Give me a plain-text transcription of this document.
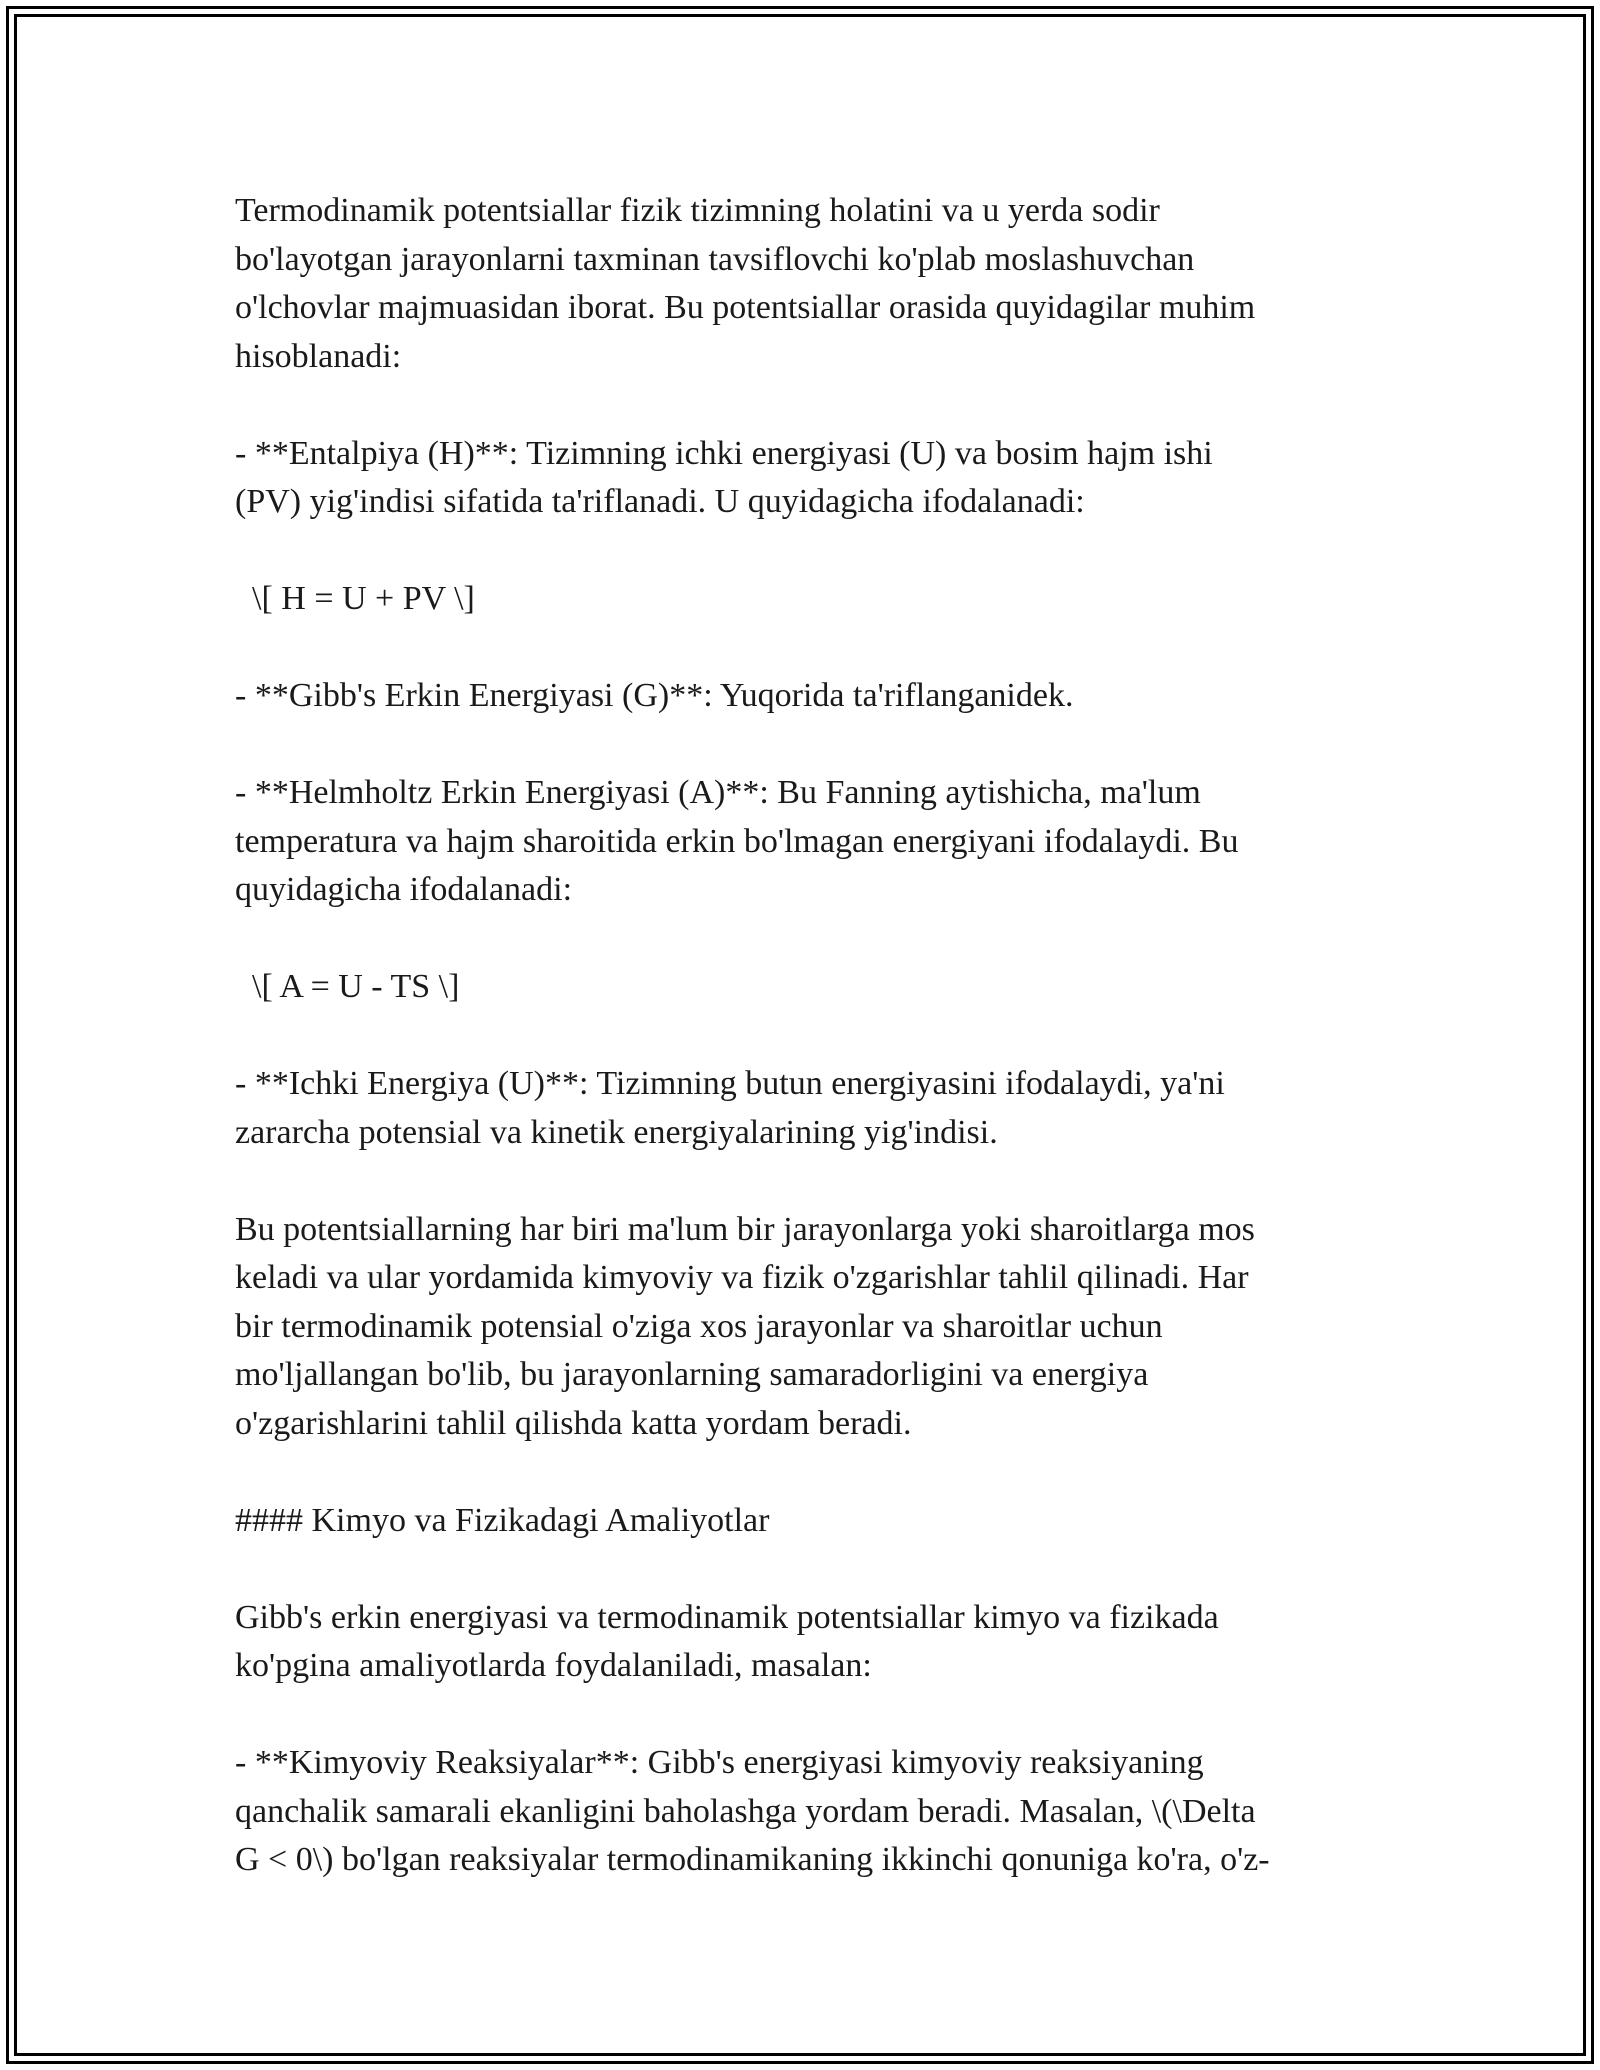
Termodinamik potentsiallar fizik tizimning holatini va u yerda sodir
bo'layotgan jarayonlarni taxminan tavsiflovchi ko'plab moslashuvchan
o'lchovlar majmuasidan iborat. Bu potentsiallar orasida quyidagilar muhim
hisoblanadi:
- **Entalpiya (H)**: Tizimning ichki energiyasi (U) va bosim hajm ishi
(PV) yig'indisi sifatida ta'riflanadi. U quyidagicha ifodalanadi:
\[ H = U + PV \]
- **Gibb's Erkin Energiyasi (G)**: Yuqorida ta'riflanganidek.
- **Helmholtz Erkin Energiyasi (A)**: Bu Fanning aytishicha, ma'lum
temperatura va hajm sharoitida erkin bo'lmagan energiyani ifodalaydi. Bu
quyidagicha ifodalanadi:
\[ A = U - TS \]
- **Ichki Energiya (U)**: Tizimning butun energiyasini ifodalaydi, ya'ni
zararcha potensial va kinetik energiyalarining yig'indisi.
Bu potentsiallarning har biri ma'lum bir jarayonlarga yoki sharoitlarga mos
keladi va ular yordamida kimyoviy va fizik o'zgarishlar tahlil qilinadi. Har
bir termodinamik potensial o'ziga xos jarayonlar va sharoitlar uchun
mo'ljallangan bo'lib, bu jarayonlarning samaradorligini va energiya
o'zgarishlarini tahlil qilishda katta yordam beradi.
#### Kimyo va Fizikadagi Amaliyotlar
Gibb's erkin energiyasi va termodinamik potentsiallar kimyo va fizikada
ko'pgina amaliyotlarda foydalaniladi, masalan:
- **Kimyoviy Reaksiyalar**: Gibb's energiyasi kimyoviy reaksiyaning
qanchalik samarali ekanligini baholashga yordam beradi. Masalan, \(\Delta
G < 0\) bo'lgan reaksiyalar termodinamikaning ikkinchi qonuniga ko'ra, o'z-
